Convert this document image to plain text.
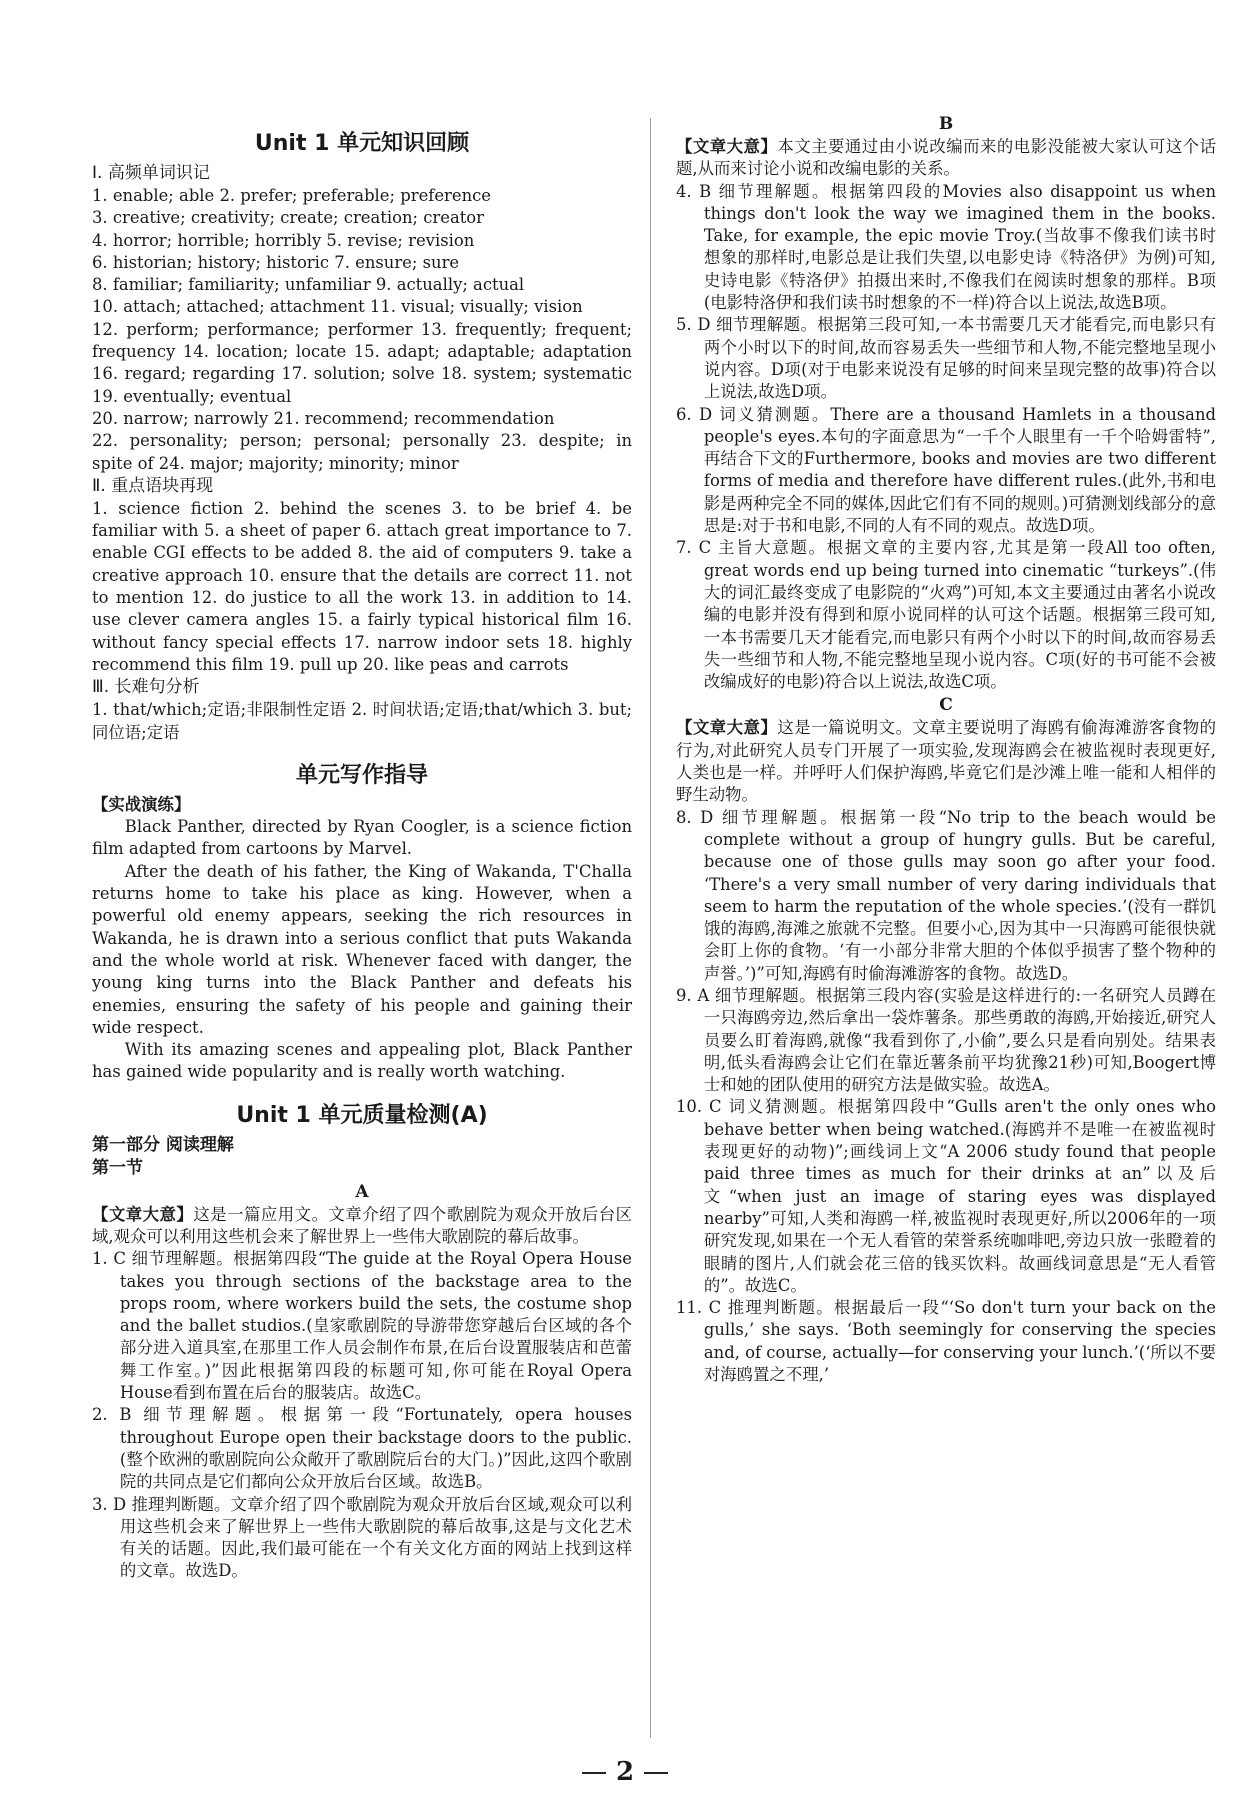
Unit 1 单元知识回顾

Ⅰ. 高频单词识记

1. enable; able 2. prefer; preferable; preference

3. creative; creativity; create; creation; creator

4. horror; horrible; horribly 5. revise; revision

6. historian; history; historic 7. ensure; sure

8. familiar; familiarity; unfamiliar 9. actually; actual

10. attach; attached; attachment 11. visual; visually; vision

12. perform; performance; performer 13. frequently; frequent; frequency 14. location; locate 15. adapt; adaptable; adaptation 16. regard; regarding 17. solution; solve 18. system; systematic 19. eventually; eventual

20. narrow; narrowly 21. recommend; recommendation

22. personality; person; personal; personally 23. despite; in spite of 24. major; majority; minority; minor

Ⅱ. 重点语块再现

1. science fiction 2. behind the scenes 3. to be brief 4. be familiar with 5. a sheet of paper 6. attach great importance to 7. enable CGI effects to be added 8. the aid of computers 9. take a creative approach 10. ensure that the details are correct 11. not to mention 12. do justice to all the work 13. in addition to 14. use clever camera angles 15. a fairly typical historical film 16. without fancy special effects 17. narrow indoor sets 18. highly recommend this film 19. pull up 20. like peas and carrots

Ⅲ. 长难句分析

1. that/which;定语;非限制性定语 2. 时间状语;定语;that/which 3. but;同位语;定语

单元写作指导

【实战演练】

Black Panther, directed by Ryan Coogler, is a science fiction film adapted from cartoons by Marvel.

After the death of his father, the King of Wakanda, T'Challa returns home to take his place as king. However, when a powerful old enemy appears, seeking the rich resources in Wakanda, he is drawn into a serious conflict that puts Wakanda and the whole world at risk. Whenever faced with danger, the young king turns into the Black Panther and defeats his enemies, ensuring the safety of his people and gaining their wide respect.

With its amazing scenes and appealing plot, Black Panther has gained wide popularity and is really worth watching.

Unit 1 单元质量检测(A)

第一部分 阅读理解

第一节

A

【文章大意】这是一篇应用文。文章介绍了四个歌剧院为观众开放后台区域,观众可以利用这些机会来了解世界上一些伟大歌剧院的幕后故事。

1. C 细节理解题。根据第四段“The guide at the Royal Opera House takes you through sections of the backstage area to the props room, where workers build the sets, the costume shop and the ballet studios.(皇家歌剧院的导游带您穿越后台区域的各个部分进入道具室,在那里工作人员会制作布景,在后台设置服装店和芭蕾舞工作室。)”因此根据第四段的标题可知,你可能在Royal Opera House看到布置在后台的服装店。故选C。

2. B 细节理解题。根据第一段“Fortunately, opera houses throughout Europe open their backstage doors to the public.(整个欧洲的歌剧院向公众敞开了歌剧院后台的大门。)”因此,这四个歌剧院的共同点是它们都向公众开放后台区域。故选B。

3. D 推理判断题。文章介绍了四个歌剧院为观众开放后台区域,观众可以利用这些机会来了解世界上一些伟大歌剧院的幕后故事,这是与文化艺术有关的话题。因此,我们最可能在一个有关文化方面的网站上找到这样的文章。故选D。

B

【文章大意】本文主要通过由小说改编而来的电影没能被大家认可这个话题,从而来讨论小说和改编电影的关系。

4. B 细节理解题。根据第四段的Movies also disappoint us when things don't look the way we imagined them in the books. Take, for example, the epic movie Troy.(当故事不像我们读书时想象的那样时,电影总是让我们失望,以电影史诗《特洛伊》为例)可知,史诗电影《特洛伊》拍摄出来时,不像我们在阅读时想象的那样。B项(电影特洛伊和我们读书时想象的不一样)符合以上说法,故选B项。

5. D 细节理解题。根据第三段可知,一本书需要几天才能看完,而电影只有两个小时以下的时间,故而容易丢失一些细节和人物,不能完整地呈现小说内容。D项(对于电影来说没有足够的时间来呈现完整的故事)符合以上说法,故选D项。

6. D 词义猜测题。There are a thousand Hamlets in a thousand people's eyes.本句的字面意思为“一千个人眼里有一千个哈姆雷特”,再结合下文的Furthermore, books and movies are two different forms of media and therefore have different rules.(此外,书和电影是两种完全不同的媒体,因此它们有不同的规则。)可猜测划线部分的意思是:对于书和电影,不同的人有不同的观点。故选D项。

7. C 主旨大意题。根据文章的主要内容,尤其是第一段All too often, great words end up being turned into cinematic “turkeys”.(伟大的词汇最终变成了电影院的“火鸡”)可知,本文主要通过由著名小说改编的电影并没有得到和原小说同样的认可这个话题。根据第三段可知,一本书需要几天才能看完,而电影只有两个小时以下的时间,故而容易丢失一些细节和人物,不能完整地呈现小说内容。C项(好的书可能不会被改编成好的电影)符合以上说法,故选C项。

C

【文章大意】这是一篇说明文。文章主要说明了海鸥有偷海滩游客食物的行为,对此研究人员专门开展了一项实验,发现海鸥会在被监视时表现更好,人类也是一样。并呼吁人们保护海鸥,毕竟它们是沙滩上唯一能和人相伴的野生动物。

8. D 细节理解题。根据第一段“No trip to the beach would be complete without a group of hungry gulls. But be careful, because one of those gulls may soon go after your food. ‘There's a very small number of very daring individuals that seem to harm the reputation of the whole species.’(没有一群饥饿的海鸥,海滩之旅就不完整。但要小心,因为其中一只海鸥可能很快就会盯上你的食物。‘有一小部分非常大胆的个体似乎损害了整个物种的声誉。’)”可知,海鸥有时偷海滩游客的食物。故选D。

9. A 细节理解题。根据第三段内容(实验是这样进行的:一名研究人员蹲在一只海鸥旁边,然后拿出一袋炸薯条。那些勇敢的海鸥,开始接近,研究人员要么盯着海鸥,就像“我看到你了,小偷”,要么只是看向别处。结果表明,低头看海鸥会让它们在靠近薯条前平均犹豫21秒)可知,Boogert博士和她的团队使用的研究方法是做实验。故选A。

10. C 词义猜测题。根据第四段中“Gulls aren't the only ones who behave better when being watched.(海鸥并不是唯一在被监视时表现更好的动物)”;画线词上文“A 2006 study found that people paid three times as much for their drinks at an”以及后文“when just an image of staring eyes was displayed nearby”可知,人类和海鸥一样,被监视时表现更好,所以2006年的一项研究发现,如果在一个无人看管的荣誉系统咖啡吧,旁边只放一张瞪着的眼睛的图片,人们就会花三倍的钱买饮料。故画线词意思是“无人看管的”。故选C。

11. C 推理判断题。根据最后一段“‘So don't turn your back on the gulls,’ she says. ‘Both seemingly for conserving the species and, of course, actually—for conserving your lunch.’(‘所以不要对海鸥置之不理,’

2
